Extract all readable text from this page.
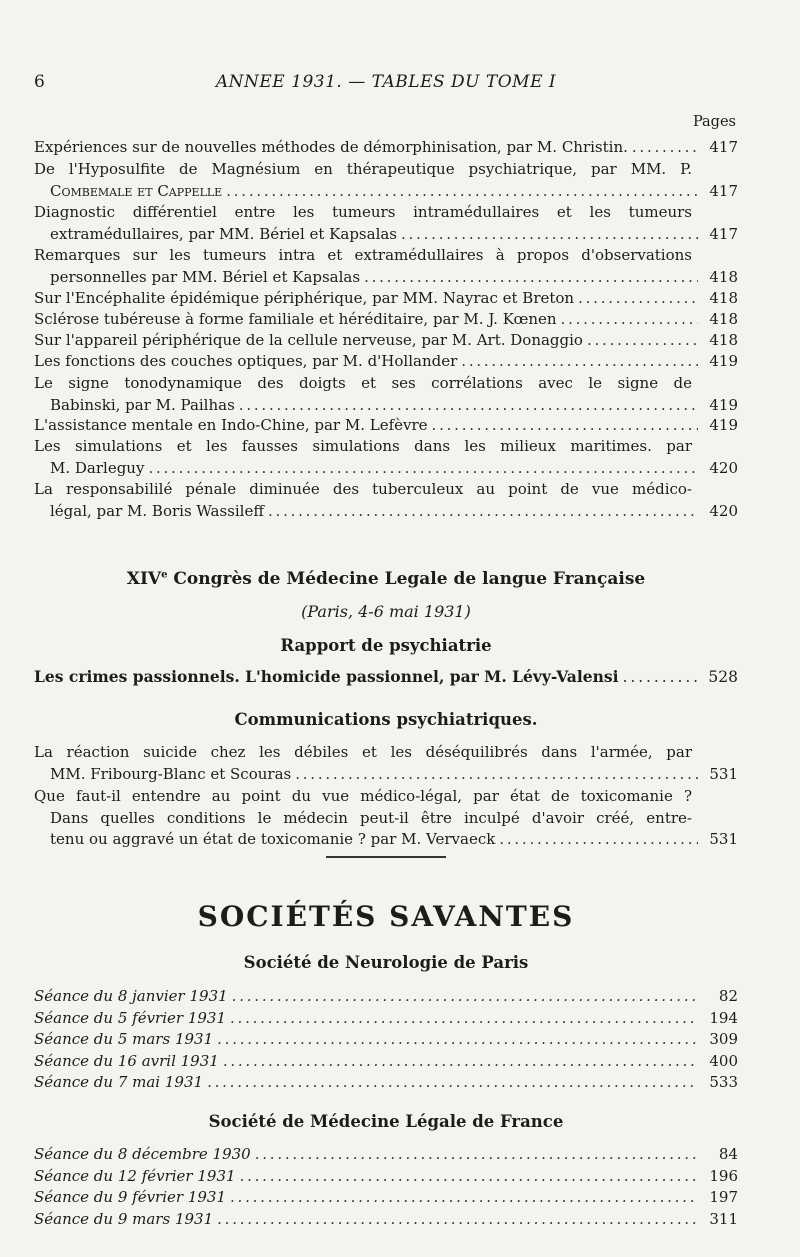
6	ANNEE 1931. — TABLES DU TOME I
Pages
Expériences sur de nouvelles méthodes de démorphinisation, par M. Christin. . . .	417
De l'Hyposulfite de Magnésium en thérapeutique psychiatrique, par MM. P.
Combemale et Cappelle . . .	417
Diagnostic différentiel entre les tumeurs intramédullaires et les tumeurs
extramédullaires, par MM. Bériel et Kapsalas . . .	417
Remarques sur les tumeurs intra et extramédullaires à propos d'observations
personnelles par MM. Bériel et Kapsalas . . .	418
Sur l'Encéphalite épidémique périphérique, par MM. Nayrac et Breton . . .	418
Sclérose tubéreuse à forme familiale et héréditaire, par M. J. Kœnen . . .	418
Sur l'appareil périphérique de la cellule nerveuse, par M. Art. Donaggio . . .	418
Les fonctions des couches optiques, par M. d'Hollander . . .	419
Le signe tonodynamique des doigts et ses corrélations avec le signe de
Babinski, par M. Pailhas . . .	419
L'assistance mentale en Indo-Chine, par M. Lefèvre . . .	419
Les simulations et les fausses simulations dans les milieux maritimes. par
M. Darleguy . . .	420
La responsabililé pénale diminuée des tuberculeux au point de vue médico-
légal, par M. Boris Wassileff . . .	420
XIVe Congrès de Médecine Legale de langue Française
(Paris, 4-6 mai 1931)
Rapport de psychiatrie
Les crimes passionnels. L'homicide passionnel, par M. Lévy-Valensi . . .	528
Communications psychiatriques.
La réaction suicide chez les débiles et les déséquilibrés dans l'armée, par
MM. Fribourg-Blanc et Scouras . . .	531
Que faut-il entendre au point du vue médico-légal, par état de toxicomanie ?
Dans quelles conditions le médecin peut-il être inculpé d'avoir créé, entre-
tenu ou aggravé un état de toxicomanie ? par M. Vervaeck . . .	531
SOCIÉTÉS SAVANTES
Société de Neurologie de Paris
Séance du 8 janvier 1931 . . .	82
Séance du 5 février 1931 . . .	194
Séance du 5 mars 1931 . . .	309
Séance du 16 avril 1931 . . .	400
Séance du 7 mai 1931 . . .	533
Société de Médecine Légale de France
Séance du 8 décembre 1930 . . .	84
Séance du 12 février 1931 . . .	196
Séance du 9 février 1931 . . .	197
Séance du 9 mars 1931 . . .	311
